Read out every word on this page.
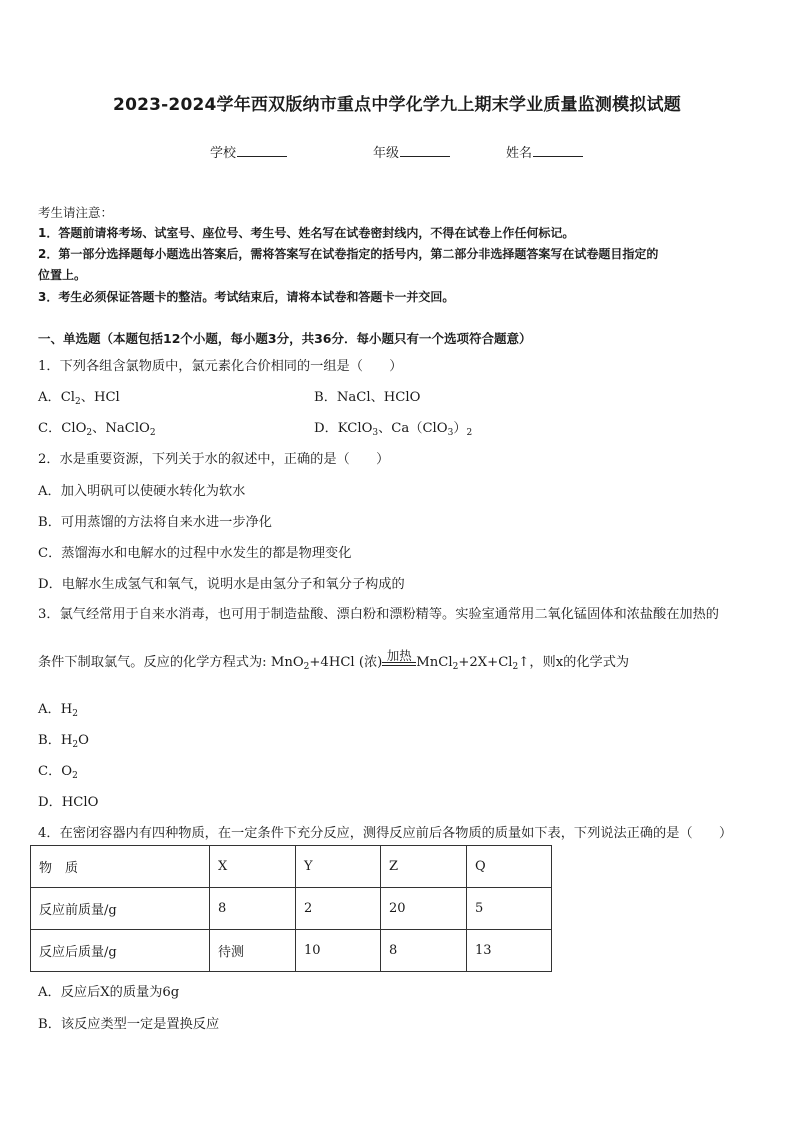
2023-2024学年西双版纳市重点中学化学九上期末学业质量监测模拟试题
学校	年级	姓名
考生请注意：
1．答题前请将考场、试室号、座位号、考生号、姓名写在试卷密封线内，不得在试卷上作任何标记。
2．第一部分选择题每小题选出答案后，需将答案写在试卷指定的括号内，第二部分非选择题答案写在试卷题目指定的
位置上。
3．考生必须保证答题卡的整洁。考试结束后，请将本试卷和答题卡一并交回。
一、单选题（本题包括12个小题，每小题3分，共36分．每小题只有一个选项符合题意）
1．下列各组含氯物质中，氯元素化合价相同的一组是（　　）
A．$Cl_2$、HCl	B．NaCl、HClO
C．ClO$_2$、NaClO$_2$	D．KClO$_3$、$Ca(ClO_3)_2$
2．水是重要资源，下列关于水的叙述中，正确的是（　　）
A．加入明矾可以使硬水转化为软水
B．可用蒸馏的方法将自来水进一步净化
C．蒸馏海水和电解水的过程中水发生的都是物理变化
D．电解水生成氢气和氧气，说明水是由氢分子和氧分子构成的
3．氯气经常用于自来水消毒，也可用于制造盐酸、漂白粉和漂粉精等。实验室通常用二氧化锰固体和浓盐酸在加热的
条件下制取氯气。反应的化学方程式为: MnO$_2$+4HCl (浓) 加热 $MnCl_2+2X+Cl_2↑$，则x的化学式为
A．$H_2$
B．$H_2O$
C．$O_2$
D．HClO
4．在密闭容器内有四种物质，在一定条件下充分反应，测得反应前后各物质的质量如下表，下列说法正确的是（　　）
物　质	X	Y	Z	Q
反应前质量/g	8	2	20	5
反应后质量/g	待测	10	8	13
A．反应后X的质量为6g
B．该反应类型一定是置换反应
